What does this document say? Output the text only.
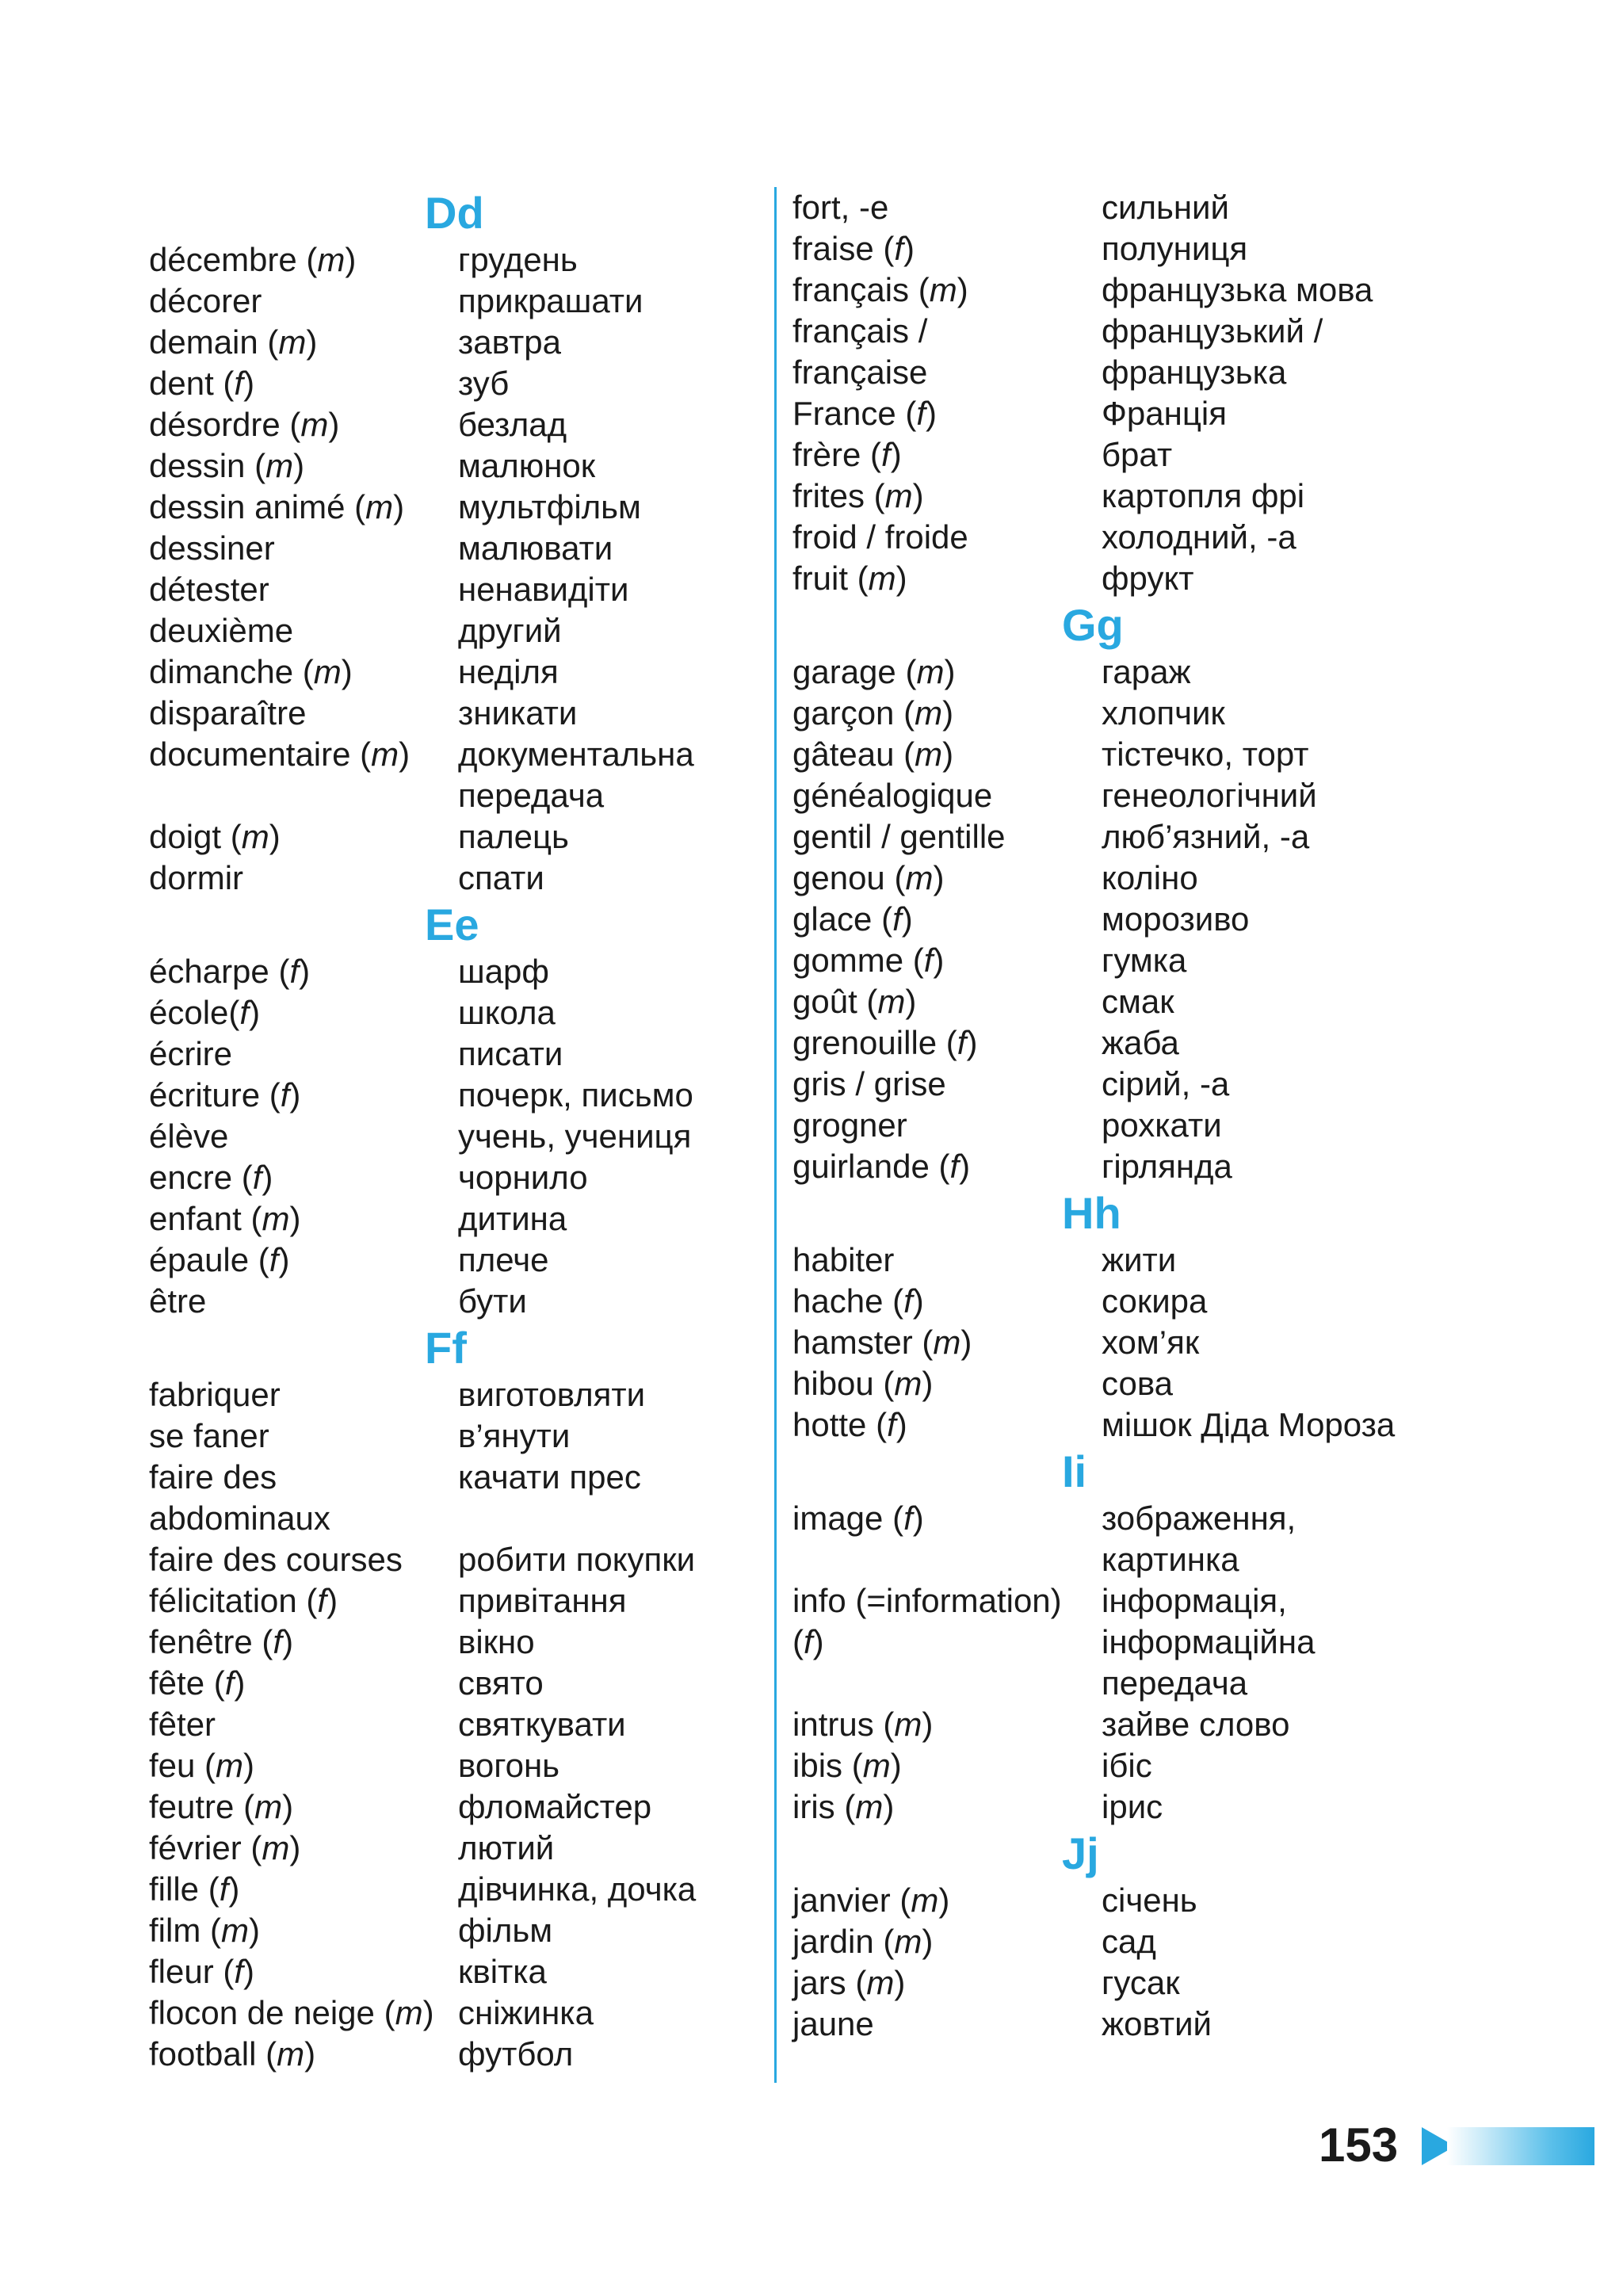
Dd
décembre (m)	грудень
décorer	прикрашати
demain (m)	завтра
dent (f)	зуб
désordre (m)	безлад
dessin (m)	малюнок
dessin animé (m)	мультфільм
dessiner	малювати
détester	ненавидіти
deuxième	другий
dimanche (m)	неділя
disparaître	зникати
documentaire (m)	документальна
передача
doigt (m)	палець
dormir	спати
Ee
écharpe (f)	шарф
école(f)	школа
écrire	писати
écriture (f)	почерк, письмо
élève	учень, учениця
encre (f)	чорнило
enfant (m)	дитина
épaule (f)	плече
être	бути
Ff
fabriquer	виготовляти
se faner	в’янути
faire des	качати прес
abdominaux
faire des courses	робити покупки
félicitation (f)	привітання
fenêtre (f)	вікно
fête (f)	свято
fêter	святкувати
feu (m)	вогонь
feutre (m)	фломайстер
février (m)	лютий
fille (f)	дівчинка, дочка
film (m)	фільм
fleur (f)	квітка
flocon de neige (m) сніжинка
football (m)	футбол
fort, -e	сильний
fraise (f)	полуниця
français (m)	французька мова
français /	французький /
française	французька
France (f)	Франція
frère (f)	брат
frites (m)	картопля фрі
froid / froide	холодний, -а
fruit (m)	фрукт
Gg
garage (m)	гараж
garçon (m)	хлопчик
gâteau (m)	тістечко, торт
généalogique	генеологічний
gentil / gentille	люб’язний, -а
genou (m)	коліно
glace (f)	морозиво
gomme (f)	гумка
goût (m)	смак
grenouille (f)	жаба
gris / grise	сірий, -а
grogner	рохкати
guirlande (f)	гірлянда
Hh
habiter	жити
hache (f)	сокира
hamster (m)	хом’як
hibou (m)	сова
hotte (f)	мішок Діда Мороза
Ii
image (f)	зображення,
картинка
info (=information)	інформація,
(f)	інформаційна
передача
intrus (m)	зайве слово
ibis (m)	ібіс
iris (m)	ірис
Jj
janvier (m)	січень
jardin (m)	сад
jars (m)	гусак
jaune	жовтий
153
